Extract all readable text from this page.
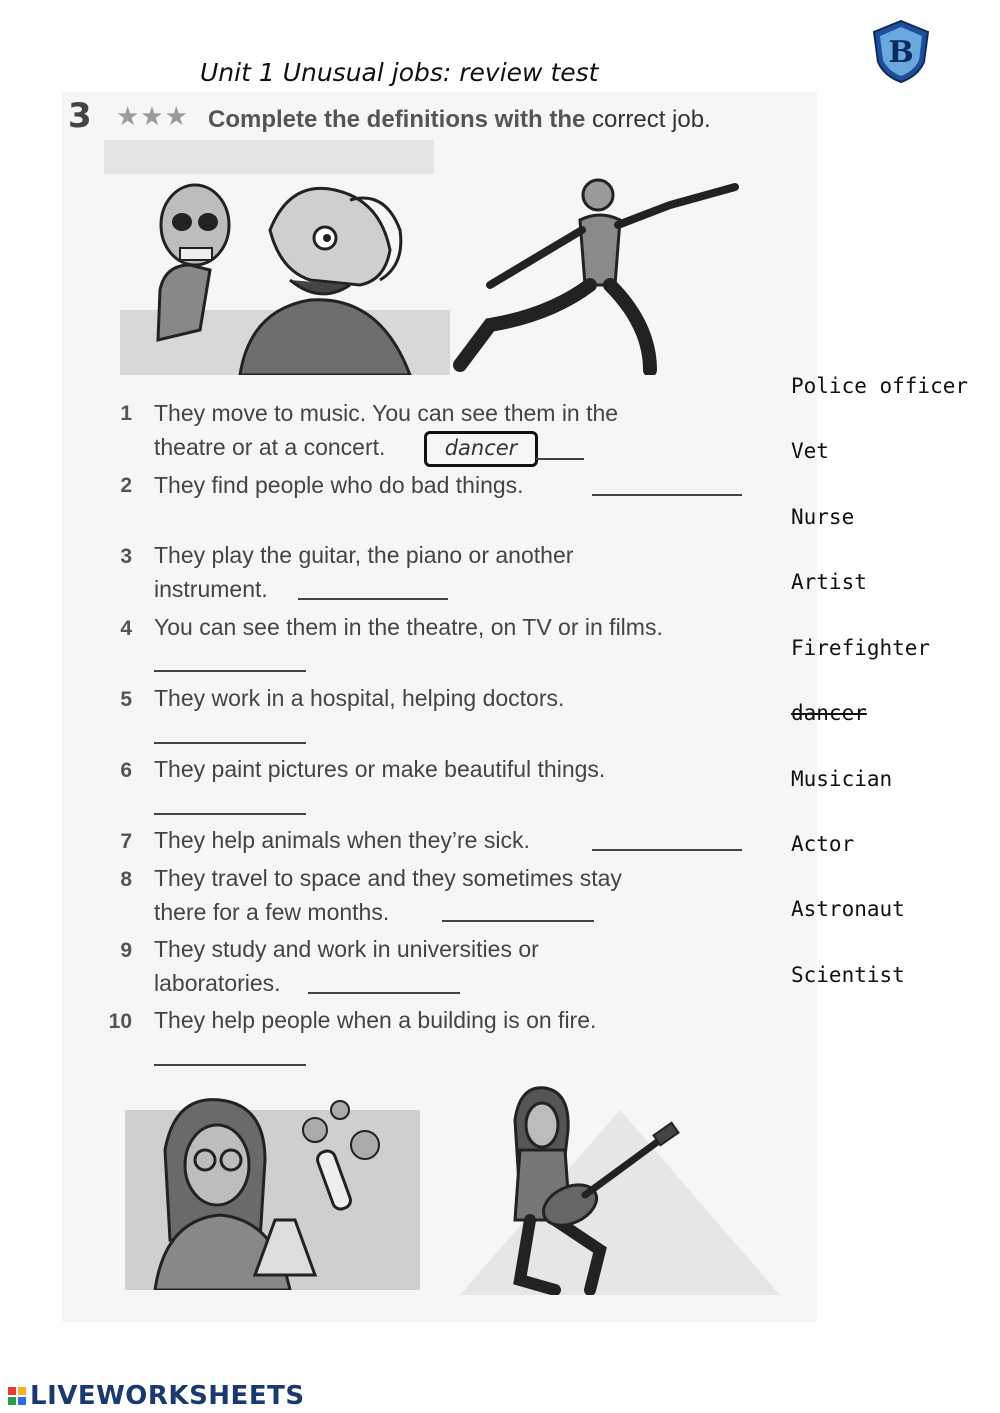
B
Unit 1 Unusual jobs: review test
3 ★★★ Complete the definitions with the correct job.
1 They move to music. You can see them in the
theatre or at a concert.	dancer
2 They find people who do bad things.
3 They play the guitar, the piano or another
instrument.
4 You can see them in the theatre, on TV or in films.
5 They work in a hospital, helping doctors.
6 They paint pictures or make beautiful things.
7 They help animals when they’re sick.
8 They travel to space and they sometimes stay
there for a few months.
9 They study and work in universities or
laboratories.
10 They help people when a building is on fire.
Police officer
Vet
Nurse
Artist
Firefighter
dancer
Musician
Actor
Astronaut
Scientist
LIVEWORKSHEETS
